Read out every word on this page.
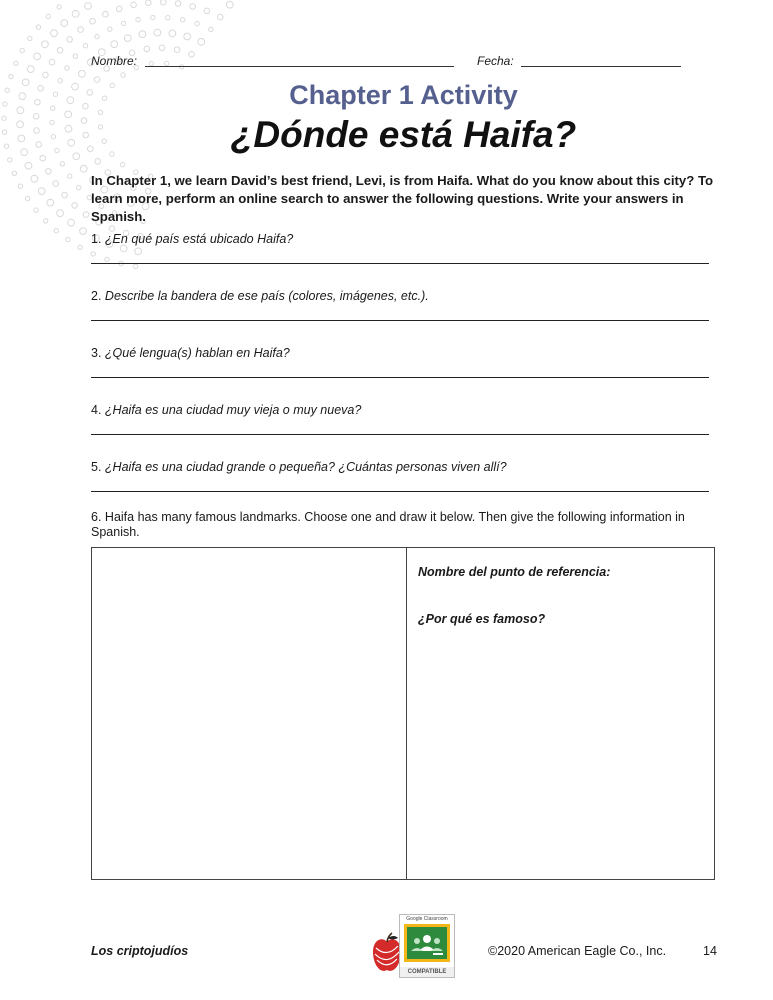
Nombre:	Fecha:
Chapter 1 Activity
¿Dónde está Haifa?
In Chapter 1, we learn David’s best friend, Levi, is from Haifa. What do you know about this city? To learn more, perform an online search to answer the following questions. Write your answers in Spanish.
1. ¿En qué país está ubicado Haifa?
2. Describe la bandera de ese país (colores, imágenes, etc.).
3. ¿Qué lengua(s) hablan en Haifa?
4. ¿Haifa es una ciudad muy vieja o muy nueva?
5. ¿Haifa es una ciudad grande o pequeña? ¿Cuántas personas viven allí?
6. Haifa has many famous landmarks. Choose one and draw it below. Then give the following information in Spanish.
Nombre del punto de referencia:
¿Por qué es famoso?
Los criptojudíos
Google Classroom
COMPATIBLE
©2020 American Eagle Co., Inc.	14
